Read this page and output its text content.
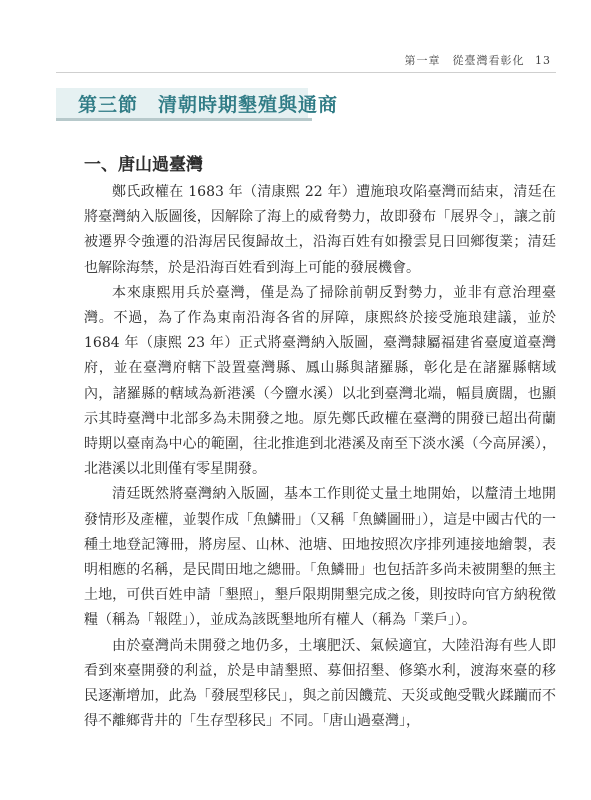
第一章　從臺灣看彰化 13
第三節　清朝時期墾殖與通商
一、唐山過臺灣

鄭氏政權在 1683 年（清康熙 22 年）遭施琅攻陷臺灣而結束，清廷在將臺灣納入版圖後，因解除了海上的威脅勢力，故即發布「展界令」，讓之前被遷界令強遷的沿海居民復歸故土，沿海百姓有如撥雲見日回鄉復業；清廷也解除海禁，於是沿海百姓看到海上可能的發展機會。

本來康熙用兵於臺灣，僅是為了掃除前朝反對勢力，並非有意治理臺灣。不過，為了作為東南沿海各省的屏障，康熙終於接受施琅建議，並於 1684 年（康熙 23 年）正式將臺灣納入版圖，臺灣隸屬福建省臺廈道臺灣府，並在臺灣府轄下設置臺灣縣、鳳山縣與諸羅縣，彰化是在諸羅縣轄域內，諸羅縣的轄域為新港溪（今鹽水溪）以北到臺灣北端，幅員廣闊，也顯示其時臺灣中北部多為未開發之地。原先鄭氏政權在臺灣的開發已超出荷蘭時期以臺南為中心的範圍，往北推進到北港溪及南至下淡水溪（今高屏溪），北港溪以北則僅有零星開發。

清廷既然將臺灣納入版圖，基本工作則從丈量土地開始，以釐清土地開發情形及產權，並製作成「魚鱗冊」（又稱「魚鱗圖冊」），這是中國古代的一種土地登記簿冊，將房屋、山林、池塘、田地按照次序排列連接地繪製，表明相應的名稱，是民間田地之總冊。「魚鱗冊」也包括許多尚未被開墾的無主土地，可供百姓申請「墾照」，墾戶限期開墾完成之後，則按時向官方納稅徵糧（稱為「報陞」），並成為該既墾地所有權人（稱為「業戶」）。

由於臺灣尚未開發之地仍多，土壤肥沃、氣候適宜，大陸沿海有些人即看到來臺開發的利益，於是申請墾照、募佃招墾、修築水利，渡海來臺的移民逐漸增加，此為「發展型移民」，與之前因饑荒、天災或飽受戰火蹂躪而不得不離鄉背井的「生存型移民」不同。「唐山過臺灣」，
